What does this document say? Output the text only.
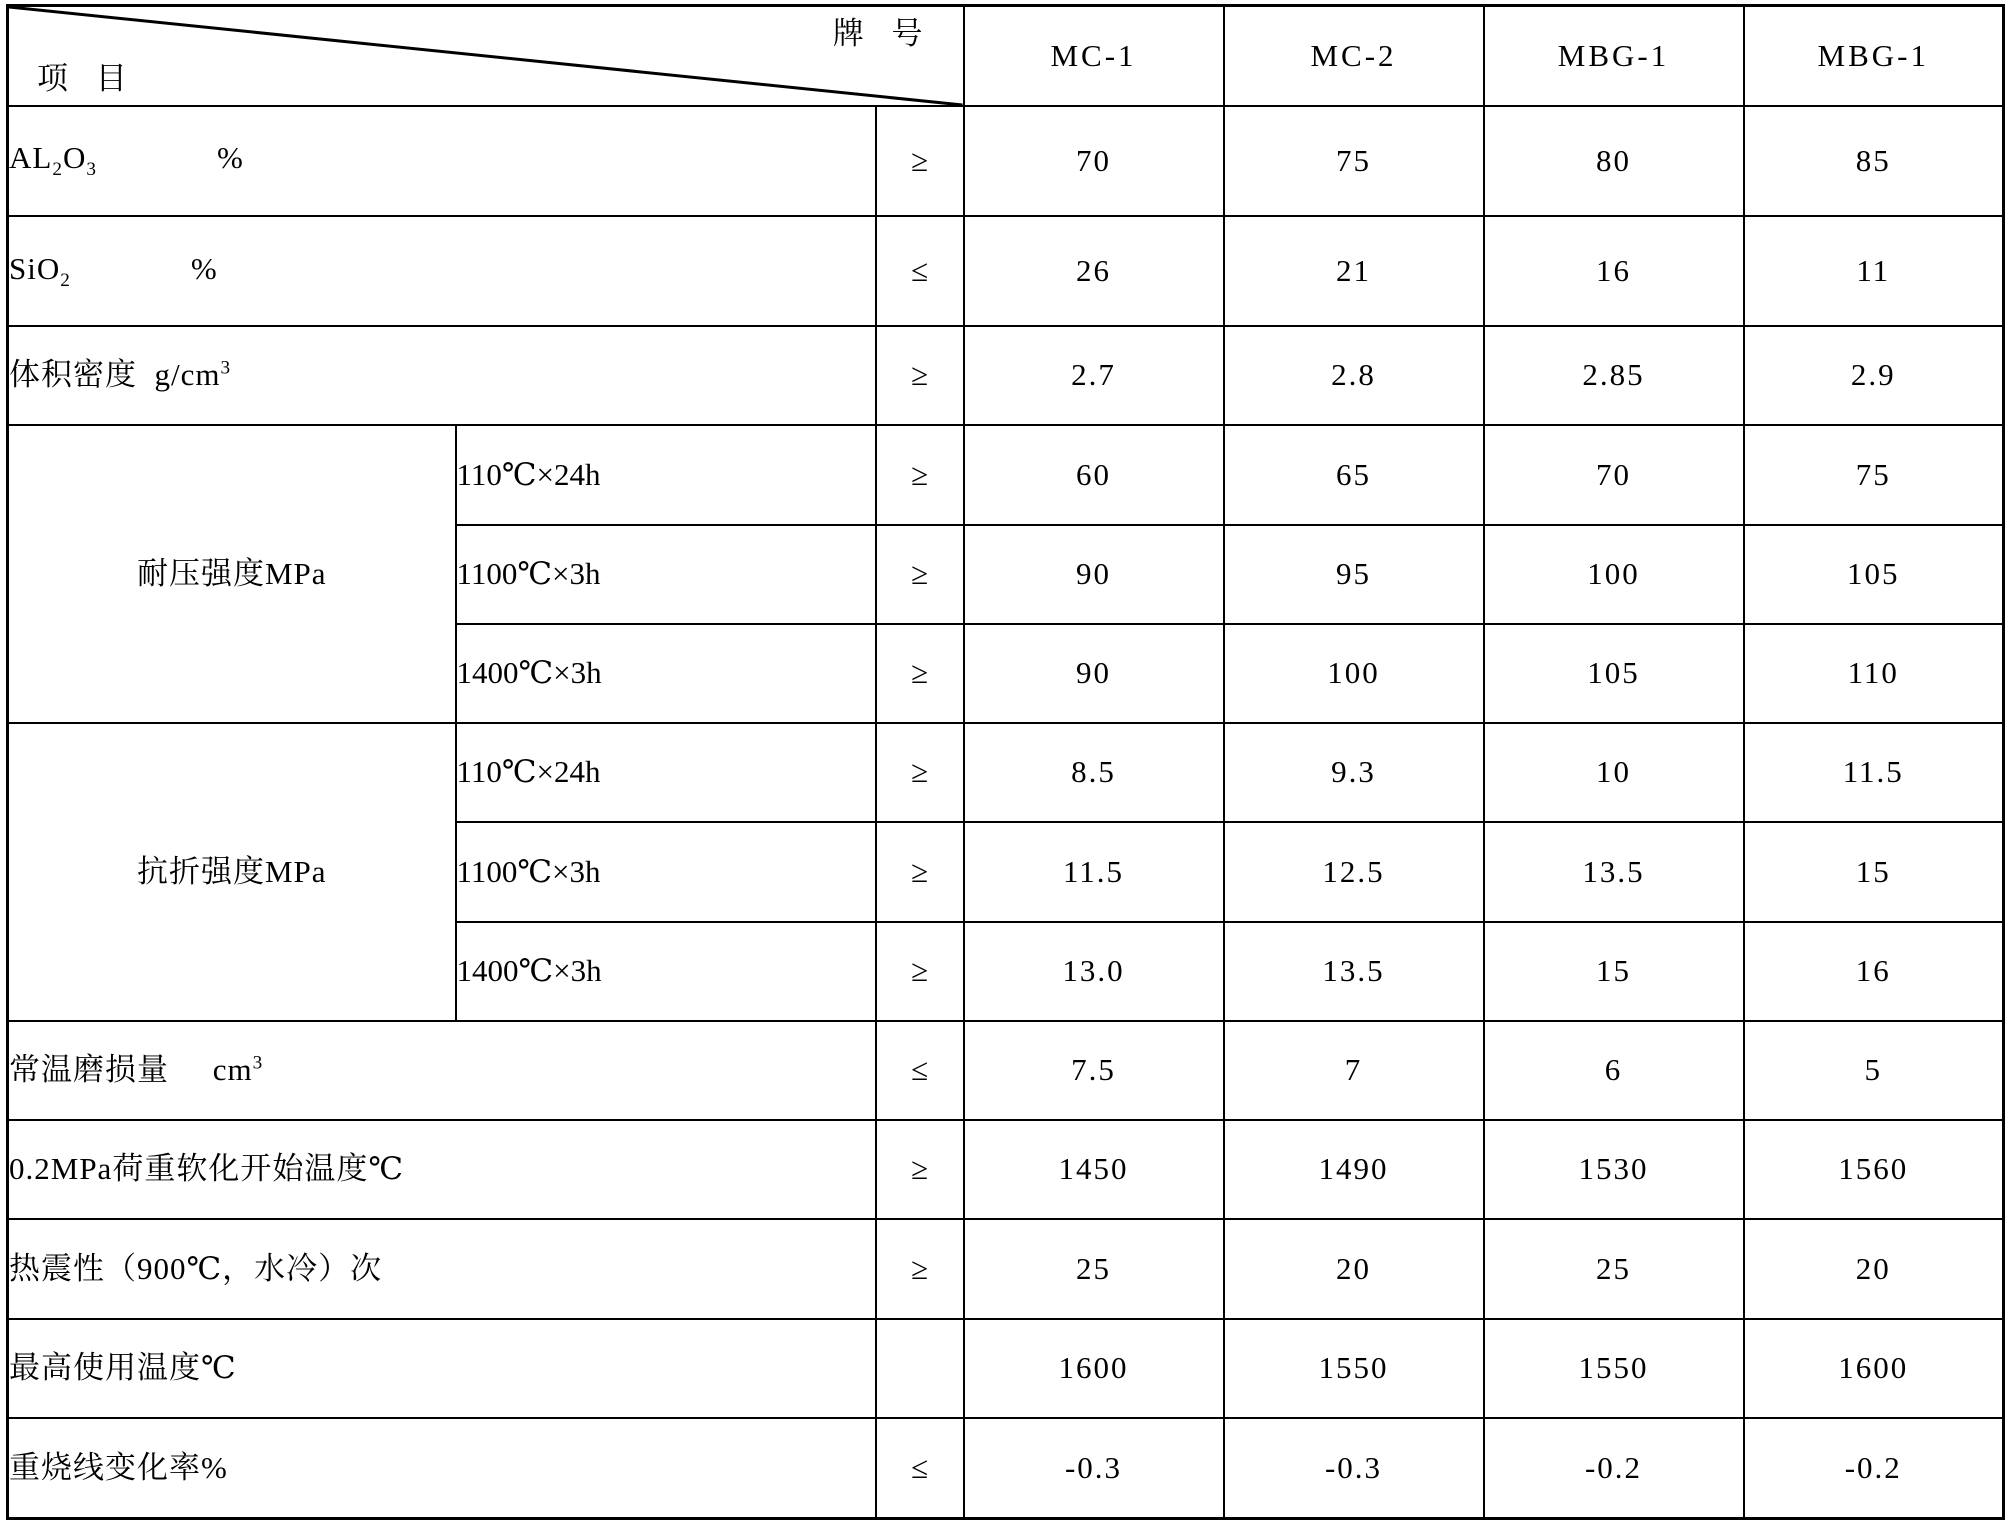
牌 号
项 目			MC-1	MC-2	MBG-1	MBG-1
$AL_2O_3$ %		≥	70	75	80	85
SiO$_2$ %		≤	26	21	16	11
体积密度 $g/cm^3$		≥	2.7	2.8	2.85	2.9
耐压强度MPa	110℃×24h	≥	60	65	70	75
	1100℃×3h	≥	90	95	100	105
	1400℃×3h	≥	90	100	105	110
抗折强度MPa	110℃×24h	≥	8.5	9.3	10	11.5
	1100℃×3h	≥	11.5	12.5	13.5	15
	1400℃×3h	≥	13.0	13.5	15	16
常温磨损量 $cm^3$		≤	7.5	7	6	5
0.2MPa荷重软化开始温度℃		≥	1450	1490	1530	1560
热震性（900℃，水冷）次		≥	25	20	25	20
最高使用温度℃			1600	1550	1550	1600
重烧线变化率%		≤	-0.3	-0.3	-0.2	-0.2
